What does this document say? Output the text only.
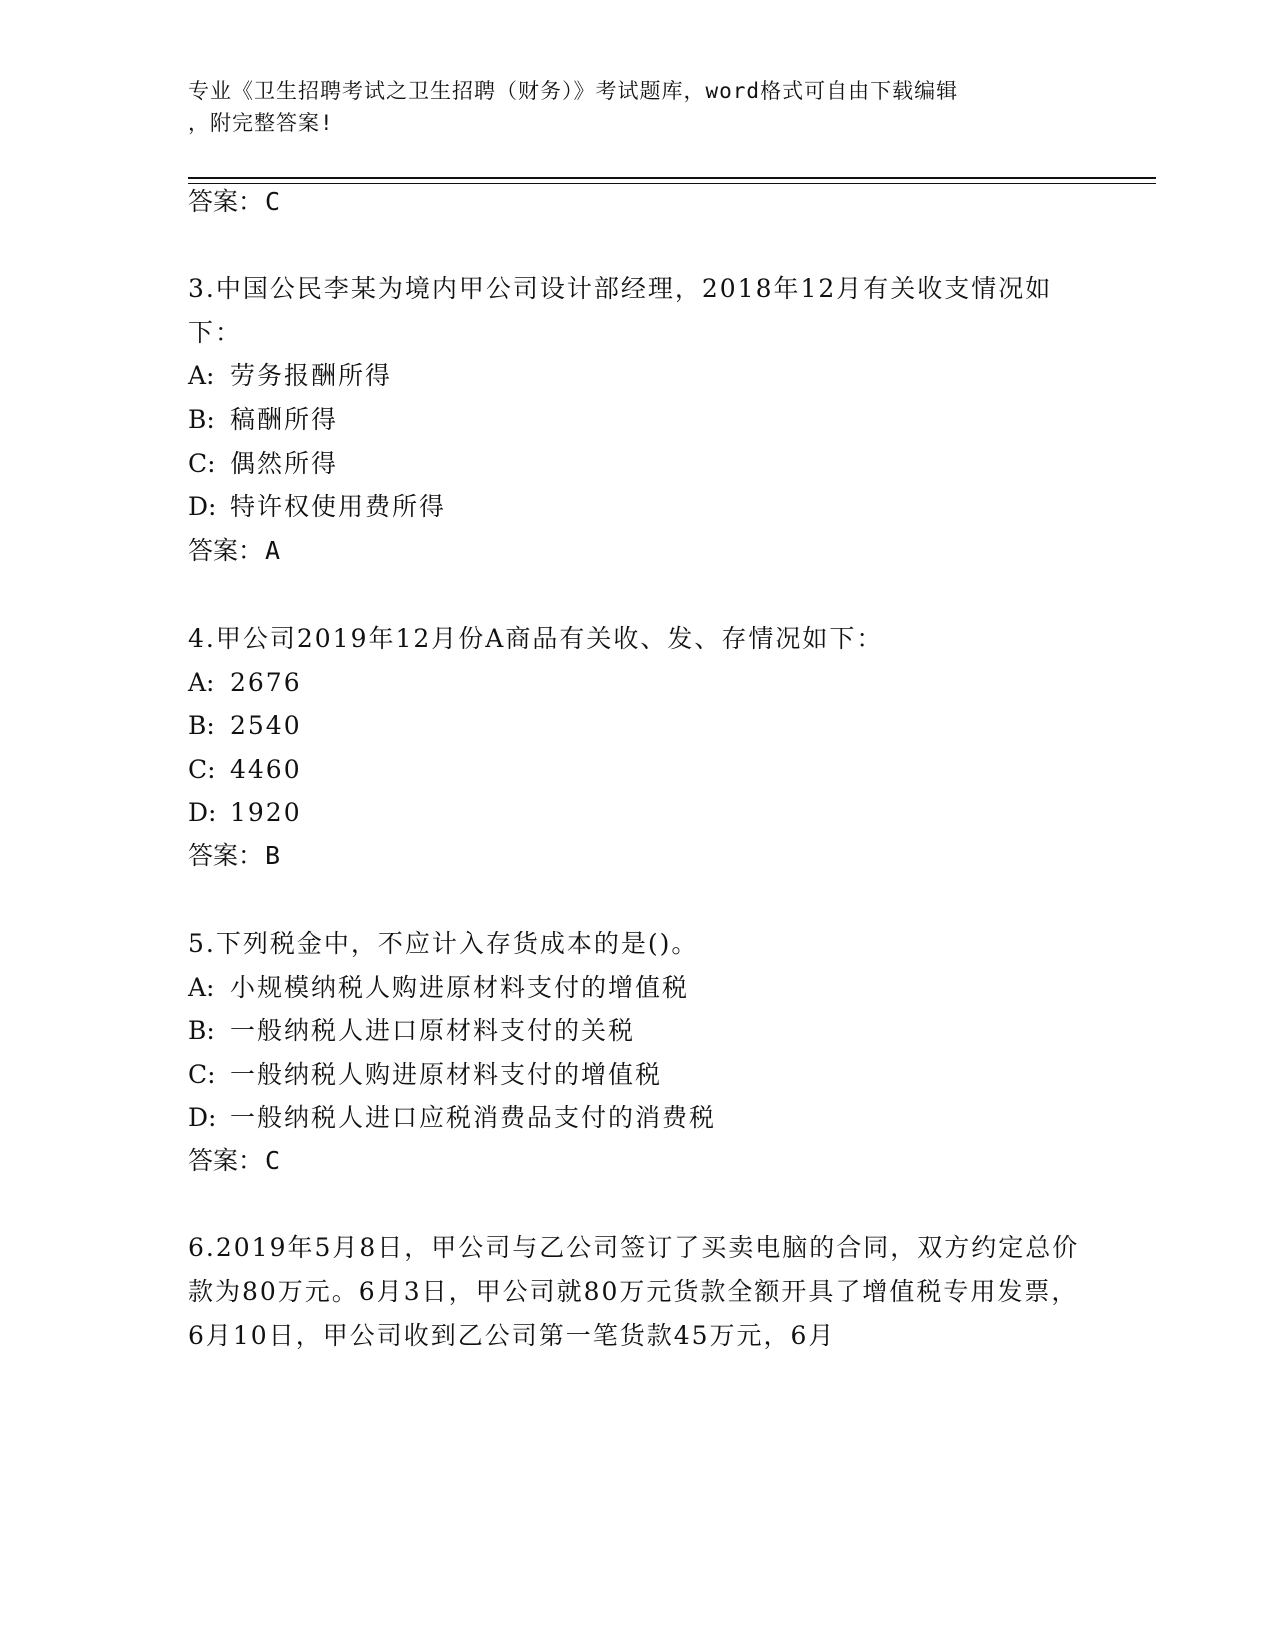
专业《卫生招聘考试之卫生招聘（财务）》考试题库，word格式可自由下载编辑
，附完整答案!
答案：C
3.中国公民李某为境内甲公司设计部经理，2018年12月有关收支情况如下：
A: 劳务报酬所得
B: 稿酬所得
C: 偶然所得
D: 特许权使用费所得
答案：A
4.甲公司2019年12月份A商品有关收、发、存情况如下：
A: 2676
B: 2540
C: 4460
D: 1920
答案：B
5.下列税金中，不应计入存货成本的是()。
A: 小规模纳税人购进原材料支付的增值税
B: 一般纳税人进口原材料支付的关税
C: 一般纳税人购进原材料支付的增值税
D: 一般纳税人进口应税消费品支付的消费税
答案：C
6.2019年5月8日，甲公司与乙公司签订了买卖电脑的合同，双方约定总价款为80万元。6月3日，甲公司就80万元货款全额开具了增值税专用发票，6月10日，甲公司收到乙公司第一笔货款45万元，6月
